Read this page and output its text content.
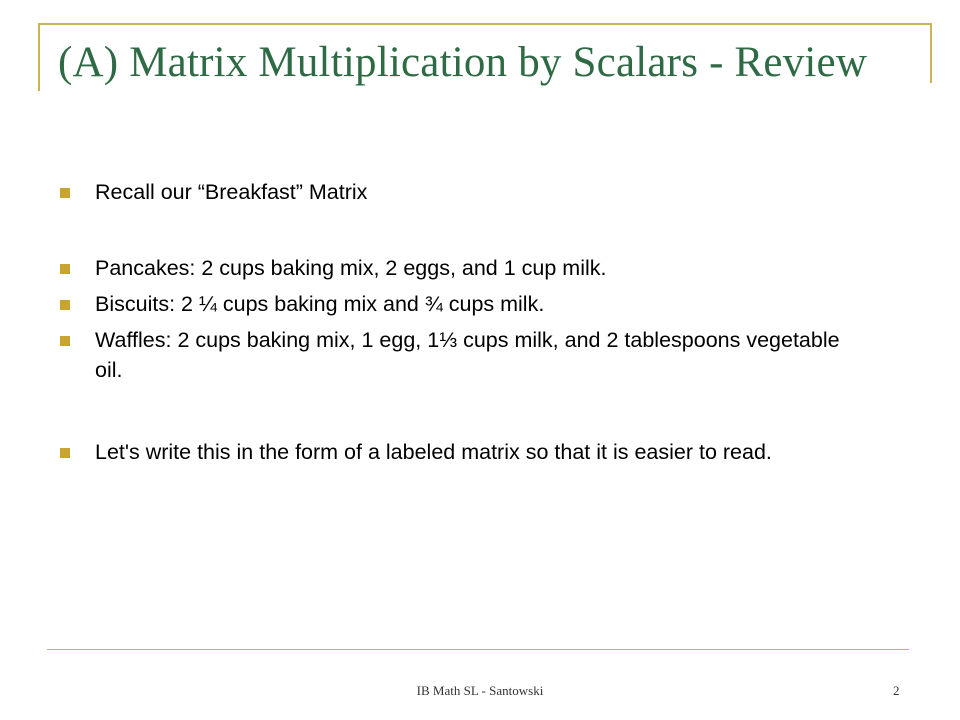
(A) Matrix Multiplication by Scalars - Review
Recall our “Breakfast” Matrix
Pancakes: 2 cups baking mix, 2 eggs, and 1 cup milk.
Biscuits: 2 ¼ cups baking mix and ¾ cups milk.
Waffles: 2 cups baking mix, 1 egg, 1⅓ cups milk, and 2 tablespoons vegetable oil.
Let's write this in the form of a labeled matrix so that it is easier to read.
IB Math SL - Santowski	2
